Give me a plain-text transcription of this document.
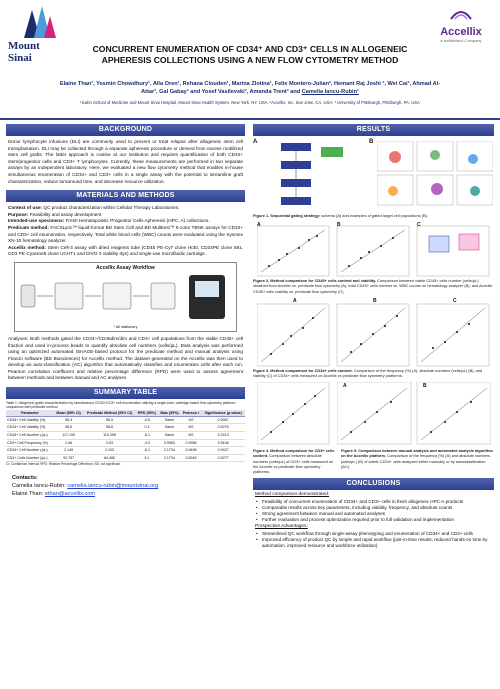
Mount
Sinai
Accellix
a bioMérieux Company
CONCURRENT ENUMERATION OF CD34⁺ AND CD3⁺ CELLS IN ALLOGENEIC
APHERESIS COLLECTIONS USING A NEW FLOW CYTOMETRY METHOD
Elaine Than¹, Yesmin Chowdhury¹, Alla Oren¹, Rehana Clouden¹, Marina Zlotina¹, Felix Montero-Julian², Hemant Raj Joshi ³, Wei Cai³, Ahmad Al-
Attar³, Gal Gabay³ and Yosef Vasilevski³, Amanda Trent³ and Camelia Iancu-Rubin¹
¹Icahn School of Medicine and Mount Sinai Hospital, Mount Sinai Health System, New York, NY, USA; ²Accellix, Inc. San Jose, CA, USA; ³ University of Pittsburgh, Pittsburgh, PA, USA
BACKGROUND
Donor lymphocyte infusions (DLI) are commonly used to prevent or treat relapse after allogeneic stem cell transplantation. DLI may be collected through a separate apheresis procedure or derived from excess mobilized stem cell grafts. The latter approach is routine at our institution and requires quantification of both CD34+ stem/progenitor cells and CD3+ T lymphocytes. Currently, these measurements are performed in two separate assays by an independent laboratory. Here, we evaluated a new flow cytometry method that enables in-house simultaneous enumeration of CD34+ and CD3+ cells in a single assay with the potential to streamline graft characterization, reduce turnaround time, and decrease resource utilization.
MATERIALS AND METHODS
Context of use: QC product characterization within Cellular Therapy Laboratories.
Purpose: Feasibility and assay development
Intended-use specimens: Fresh Hematopoietic Progenitor Cells Apheresis (HPC, A) collections.
Predicate method: FACSLyric™ liquid-format BD Stem Cell and BD Multitest™ 6-color TBNK assays for CD34+ and CD3+ cell enumeration, respectively. Total white blood cells (WBC) counts were evaluated using the Sysmex XN-10 hematology analyzer.
Accellix method: Stem Cell-3 assay with dried reagents tube (CD45 PE-Cy7 clone HI30, CD34PE clone 581, CD3 PE-Cyanine5 clone UCHT1 and DiVO-3 viability dye) and single-use microfluidic cartridge.
Accellix Assay Workflow
* All stationary
Analyses: Both methods gated the CD34+/CD45dim/dim and CD3+ cell populations from the viable CD45+ cell fraction and used in-process beads to quantify absolute cell numbers (cells/µL). Data analysis was performed using an optimized automated ISHAGE-based protocol for the predicate method and manual analysis using FlowJo software (BD Biosciences) for Accellix method. The dataset generated on the Accellix was then used to develop an auto-classification (AC) algorithm that automatically classifies and enumerates cells after each run. Pearson correlation coefficient and relative percentage difference (RPD) were used to assess agreement between methods and between manual and AC analyses
SUMMARY TABLE
Table 1: Allogeneic grafts characterization by simultaneous CD34+/CD3+ cell enumeration utilizing a single-tube, cartridge-based flow cytometry platform: comparison with predicate method
Parameter	Mean (95% CI)	Predicate Method (95% CI)	RPD (95%)	Bias (95%)	Pearson r	Significance (p-value)
CD45+ Cell Viability (%)	98.4	98.9	-0.5	Same	NS	0.0067
CD34+ Cell Viability (%)	98.6	98.6	0.4	Same	NS	0.5276
CD45+ Cell Number (/µL)	117,199	115,398	-5.1	Same	NS	0.2213
CD3+ Cell Frequency (%)	2.66	2.53	-3.0	0.9983	0.9956	0.5108
CD34+ Cell Number (/µL)	2,149	2,103	-5.1	2.1734	0.9498	0.9427
CD3+ Cells Number (/µL)	92,757	84,480	8.1	2.1734	0.8245	0.5277
CI: Confidence Interval; RPD: Relative Percentage Difference; NS: not significant
Contacts:
Camelia Iancu-Rubin: camelia.iancu-rubin@mountsinai.org
Elaine Than: ethan@accellix.com
RESULTS
A	B
Figure 1. Sequential gating strategy: schema (A) and examples of gated target cell populations (B).
A	B	C
Figure 2. Method comparison for CD45+ cells content and viability. Comparison between viable CD45+ cells number (cells/µL) obtained from Accellix vs. predicate flow cytometry (A), total CD45+ cells number vs. WBC counts on hematology analyzer (B), and Accellix CD45+ cells viability vs. predicate flow cytometry (C).
A	B	C
Figure 3. Method comparison for CD34+ cells content. Comparison of the frequency (%) (A), absolute numbers (cells/µL) (B), and viability (C) of CD34+ cells measured on Accellix vs predicate flow cytometry platforms.
A	B
Figure 4. Method comparison for CD3+ cells content. Comparison between absolute numbers (cells/µL) of CD3+ cells measured on the Accellix vs predicate flow cytometry platforms.
Figure 5. Comparison between manual analysis and automated analysis algorithm on the Accellix platform. Comparison of the frequency (%) (A) and absolute numbers (cells/µL) (B) of viable CD34+ cells analyzed either manually or by autoclassification (AC).
CONCLUSIONS
Method comparison demonstrated:
• Feasibility of concurrent enumeration of CD34+ and CD3+ cells in fresh allogeneic HPC-A products
• Comparable results across key parameters, including viability, frequency, and absolute counts
• Strong agreement between manual and automated analyses
• Further evaluation and process optimization required prior to full validation and implementation
Prospective Advantages:
• Streamlined QC workflow through single-assay phenotyping and enumeration of CD34+ and CD3+ cells
• Improved efficiency of product QC by simple and rapid workflow (just-in-time results, reduced hands-on time by automation, improved resource and workforce utilization)
